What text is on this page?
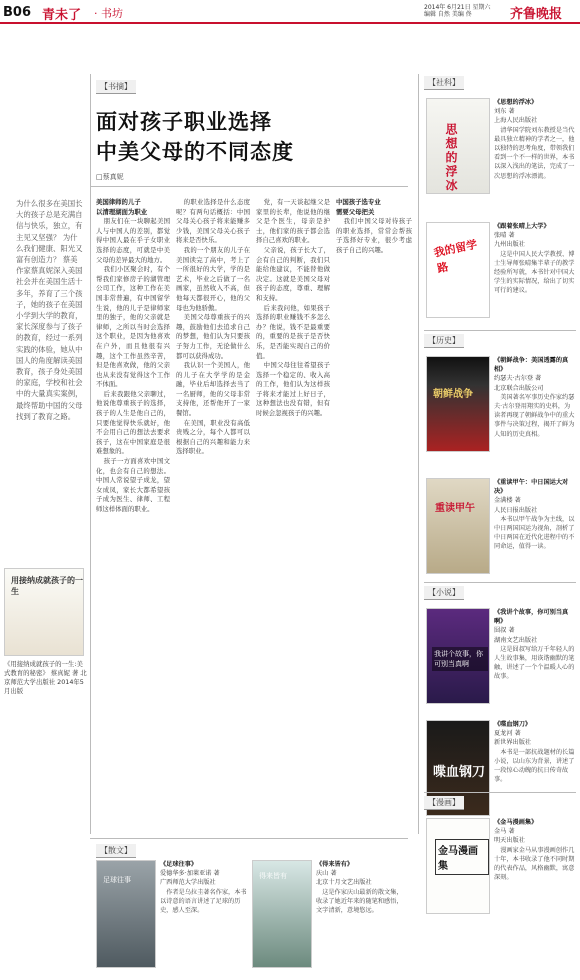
B06 青未了 · 书坊	2014年 6月21日 星期六
编辑 自然 美编 佟	齐鲁晚报
【书摘】
面对孩子职业选择
中美父母的不同态度
□蔡真妮
为什么很多在美国长大的孩子总是充满自信与快乐，独立，有主见又坚强？ 为什么我们健康、阳光又富有创造力？ 蔡美作家蔡真妮深入美国社会并在美国生活十多年，养育了三个孩子，她的孩子在美国小学到大学的教育，家长深度参与了孩子的教育，经过一系列实践的体验，她从中国人的角度解读美国教育，孩子身处美国的家庭，学校和社会中的大量真实案例，最终帮助中国的父母找到了教育之路。

美国律师的儿子

以清理湖面为职业

朋友们在一块聊起美国人与中国人的差别，都觉得中国人最在乎子女职业选择的态度，可就是中美父母的差异最大的地方。

我们小区聚会时，有个帮我们家修房子的湖管理公司工作，这种工作在美国非常普遍，有中国留学生说，他的儿子是律师家里的独子，他的父亲就是律师，之所以当时会选择这个职业，是因为他喜欢在户外，而且他很有兴趣，这个工作虽然辛苦，但是他喜欢做，他的父亲也从来没有觉得这个工作不体面。

后来我跟他父亲聊过，他说他尊重孩子的选择，孩子的人生是他自己的，只要他觉得快乐就好，他不会用自己的想法去要求孩子，这在中国家庭是很难想象的。

孩子一方面喜欢中国文化，也会有自己的想法。中国人常说望子成龙，望女成凤，家长大都希望孩子成为医生、律师、工程师这样体面的职业。

的职业选择是什么态度呢？有两句话概括：中国父母关心孩子将来能赚多少钱，美国父母关心孩子将来是否快乐。

我的一个朋友的儿子在美国读完了高中，考上了一所很好的大学，学的是艺术，毕业之后做了一名画家，虽然收入不高，但他每天都很开心，他的父母也为他骄傲。

美国父母尊重孩子的兴趣，鼓励他们去追求自己的梦想，他们认为只要孩子努力工作，无论做什么都可以获得成功。

我认识一个美国人，他的儿子在大学学的是金融，毕业后却选择去当了一名厨师，他的父母非常支持他，还帮他开了一家餐馆。

在美国，职业没有高低贵贱之分，每个人都可以根据自己的兴趣和能力来选择职业。

党，有一天谈起继父是家里的长辈，他说他的继父是个医生，母亲是护士，他们家的孩子都会选择自己喜欢的职业。

父亲说，孩子长大了，会有自己的判断，我们只能给他建议，不能替他做决定。这就是美国父母对孩子的态度，尊重、理解和支持。

后来我问他，如果孩子选择的职业赚钱不多怎么办？他说，钱不是最重要的，重要的是孩子是否快乐，是否能实现自己的价值。

中国父母往往希望孩子选择一个稳定的、收入高的工作，他们认为这样孩子将来才能过上好日子，这种想法也没有错，但有时候会忽视孩子的兴趣。

中国孩子选专业

需要父母把关

我们中国父母对待孩子的职业选择，常常会帮孩子选择好专业，很少考虑孩子自己的兴趣。

用接纳成就孩子的一生
《用接纳成就孩子的一生:美式教育的秘密》 蔡真妮 著 北京师范大学出版社 2014年5月出版
【社科】
思想的浮冰
《思想的浮冰》
刘东 著
上海人民出版社
清华国学院刘东教授是当代最具独立精神的学者之一，他以独特的思考角度，带领我们看到一个不一样的世界，本书以深入浅出的笔法，完成了一次思想的浮冰漂流。
我的留学路
《跟着张晴上大学》
张晴 著
九州出版社
这是中国人民大学教授、博士生导师张晴集半辈子的教学经验所写就，本书针对中国大学生的实际情况，给出了切实可行的建议。
【历史】
朝鲜战争
《朝鲜战争：美国透露的真相》
约瑟夫·古尔登 著
北京联合出版公司
美国著名军事历史作家约瑟夫·古尔登用翔实的史料，为读者再现了朝鲜战争中的重大事件与决策过程，揭开了鲜为人知的历史真相。
重读甲午
《重读甲午：中日国运大对决》
金满楼 著
人民日报出版社
本书以甲午战争为主线，以中日两国国运为视角，剖析了中日两国在近代化进程中的不同命运，值得一读。
【小说】
我讲个故事，你可别当真啊
《我讲个故事，你可别当真啊》
囧叔 著
湖南文艺出版社
这是囧叔写给万千年轻人的人生故事集，用诙谐幽默的笔触，讲述了一个个温暖人心的故事。
喋血钢刀
《喋血钢刀》
夏龙河 著
新世界出版社
本书是一部抗战题材的长篇小说，以山东为背景，讲述了一段惊心动魄的抗日传奇故事。
【漫画】
金马漫画集
《金马漫画集》
金马 著
明天出版社
漫画家金马从事漫画创作几十年，本书收录了他不同时期的代表作品，风格幽默，寓意深刻。
【散文】
足球往事
《足球往事》
爱德华多·加莱亚诺 著
广西师范大学出版社
作者是乌拉圭著名作家，本书以诗意的语言讲述了足球的历史，感人至深。
得来皆有
《得来皆有》
庆山 著
北京十月文艺出版社
这是作家庆山最新的散文集，收录了她近年来的随笔和感悟，文字清新，意境悠远。
